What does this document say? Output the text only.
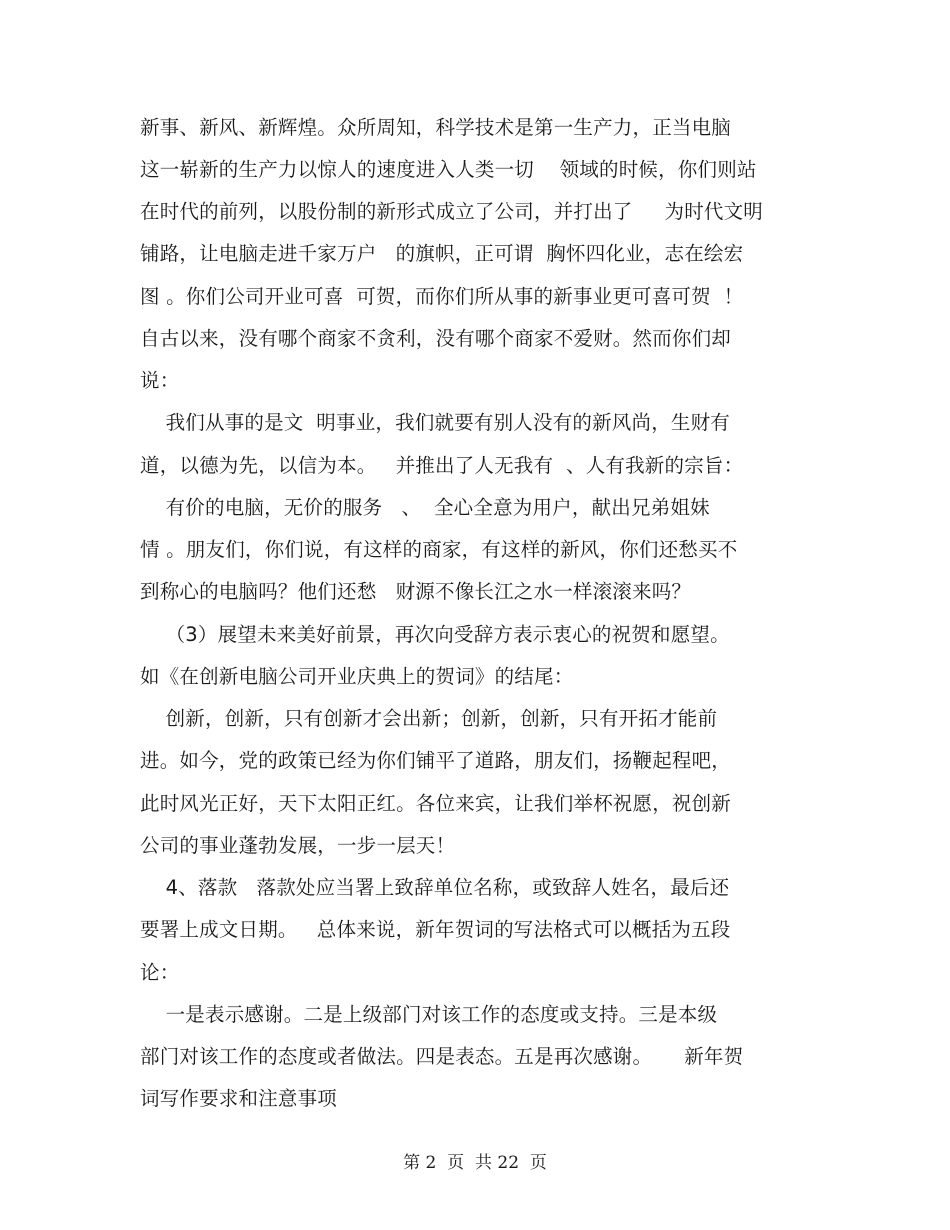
新事、新风、新辉煌。众所周知，科学技术是第一生产力，正当电脑
这一崭新的生产力以惊人的速度进入人类一切    领域的时候，你们则站
在时代的前列，以股份制的新形式成立了公司，并打出了     为时代文明
铺路，让电脑走进千家万户   的旗帜，正可谓  胸怀四化业，志在绘宏
图 。你们公司开业可喜  可贺，而你们所从事的新事业更可喜可贺  ！
自古以来，没有哪个商家不贪利，没有哪个商家不爱财。然而你们却
说：
我们从事的是文  明事业，我们就要有别人没有的新风尚，生财有
道，以德为先，以信为本。   并推出了人无我有  、人有我新的宗旨：
有价的电脑，无价的服务   、  全心全意为用户，献出兄弟姐妹
情 。朋友们，你们说，有这样的商家，有这样的新风，你们还愁买不
到称心的电脑吗？他们还愁   财源不像长江之水一样滚滚来吗？
（3）展望未来美好前景，再次向受辞方表示衷心的祝贺和愿望。
如《在创新电脑公司开业庆典上的贺词》的结尾：
创新，创新，只有创新才会出新；创新，创新，只有开拓才能前
进。如今，党的政策已经为你们铺平了道路，朋友们，扬鞭起程吧，
此时风光正好，天下太阳正红。各位来宾，让我们举杯祝愿，祝创新
公司的事业蓬勃发展，一步一层天！
4、落款   落款处应当署上致辞单位名称，或致辞人姓名，最后还
要署上成文日期。   总体来说，新年贺词的写法格式可以概括为五段
论：
一是表示感谢。二是上级部门对该工作的态度或支持。三是本级
部门对该工作的态度或者做法。四是表态。五是再次感谢。     新年贺
词写作要求和注意事项
第 2  页  共 22  页
